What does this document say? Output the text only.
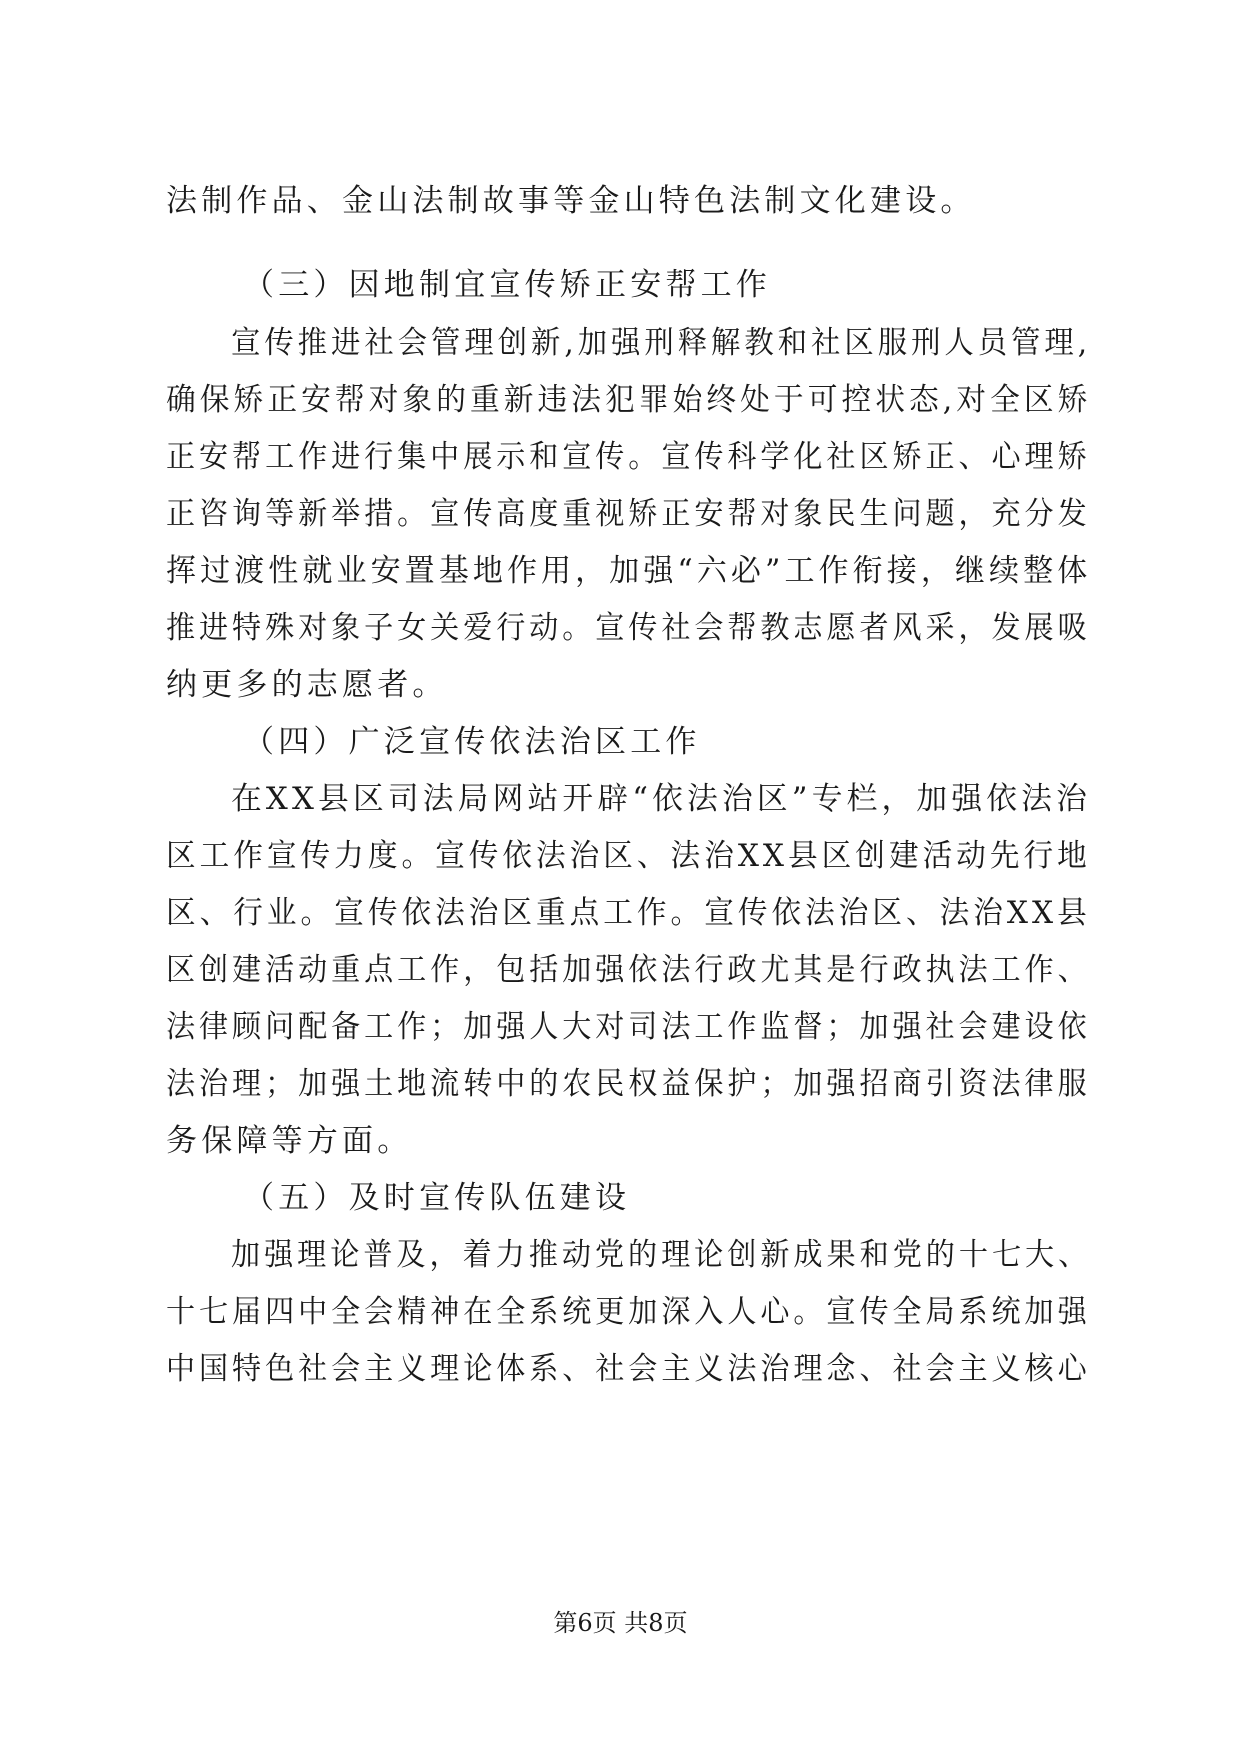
法制作品、金山法制故事等金山特色法制文化建设。
（三）因地制宜宣传矫正安帮工作
宣传推进社会管理创新,加强刑释解教和社区服刑人员管理,
确保矫正安帮对象的重新违法犯罪始终处于可控状态,对全区矫
正安帮工作进行集中展示和宣传。宣传科学化社区矫正、心理矫
正咨询等新举措。宣传高度重视矫正安帮对象民生问题，充分发
挥过渡性就业安置基地作用，加强“六必”工作衔接，继续整体
推进特殊对象子女关爱行动。宣传社会帮教志愿者风采，发展吸
纳更多的志愿者。
（四）广泛宣传依法治区工作
在XX县区司法局网站开辟“依法治区”专栏，加强依法治
区工作宣传力度。宣传依法治区、法治XX县区创建活动先行地
区、行业。宣传依法治区重点工作。宣传依法治区、法治XX县
区创建活动重点工作，包括加强依法行政尤其是行政执法工作、
法律顾问配备工作；加强人大对司法工作监督；加强社会建设依
法治理；加强土地流转中的农民权益保护；加强招商引资法律服
务保障等方面。
（五）及时宣传队伍建设
加强理论普及，着力推动党的理论创新成果和党的十七大、
十七届四中全会精神在全系统更加深入人心。宣传全局系统加强
中国特色社会主义理论体系、社会主义法治理念、社会主义核心
第6页 共8页
